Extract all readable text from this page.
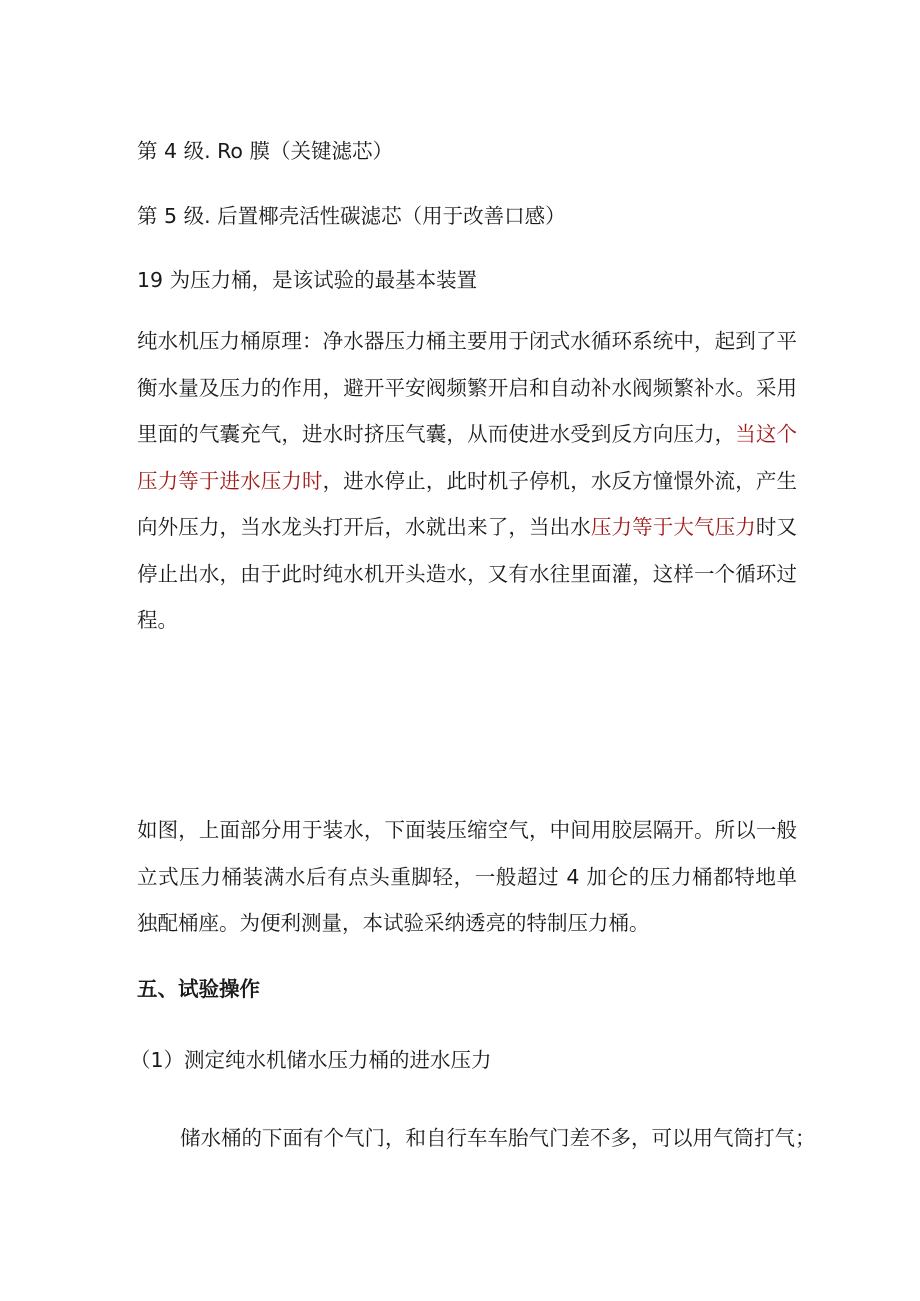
第 4 级. Ro 膜（关键滤芯）
第 5 级. 后置椰壳活性碳滤芯（用于改善口感）
19 为压力桶，是该试验的最基本装置
纯水机压力桶原理：净水器压力桶主要用于闭式水循环系统中，起到了平衡水量及压力的作用，避开平安阀频繁开启和自动补水阀频繁补水。采用里面的气囊充气，进水时挤压气囊，从而使进水受到反方向压力，当这个压力等于进水压力时，进水停止，此时机子停机，水反方憧憬外流，产生向外压力，当水龙头打开后，水就出来了，当出水压力等于大气压力时又停止出水，由于此时纯水机开头造水，又有水往里面灌，这样一个循环过程。
如图，上面部分用于装水，下面装压缩空气，中间用胶层隔开。所以一般立式压力桶装满水后有点头重脚轻，一般超过 4 加仑的压力桶都特地单独配桶座。为便利测量，本试验采纳透亮的特制压力桶。
五、试验操作
（1）测定纯水机储水压力桶的进水压力
储水桶的下面有个气门，和自行车车胎气门差不多，可以用气筒打气；
